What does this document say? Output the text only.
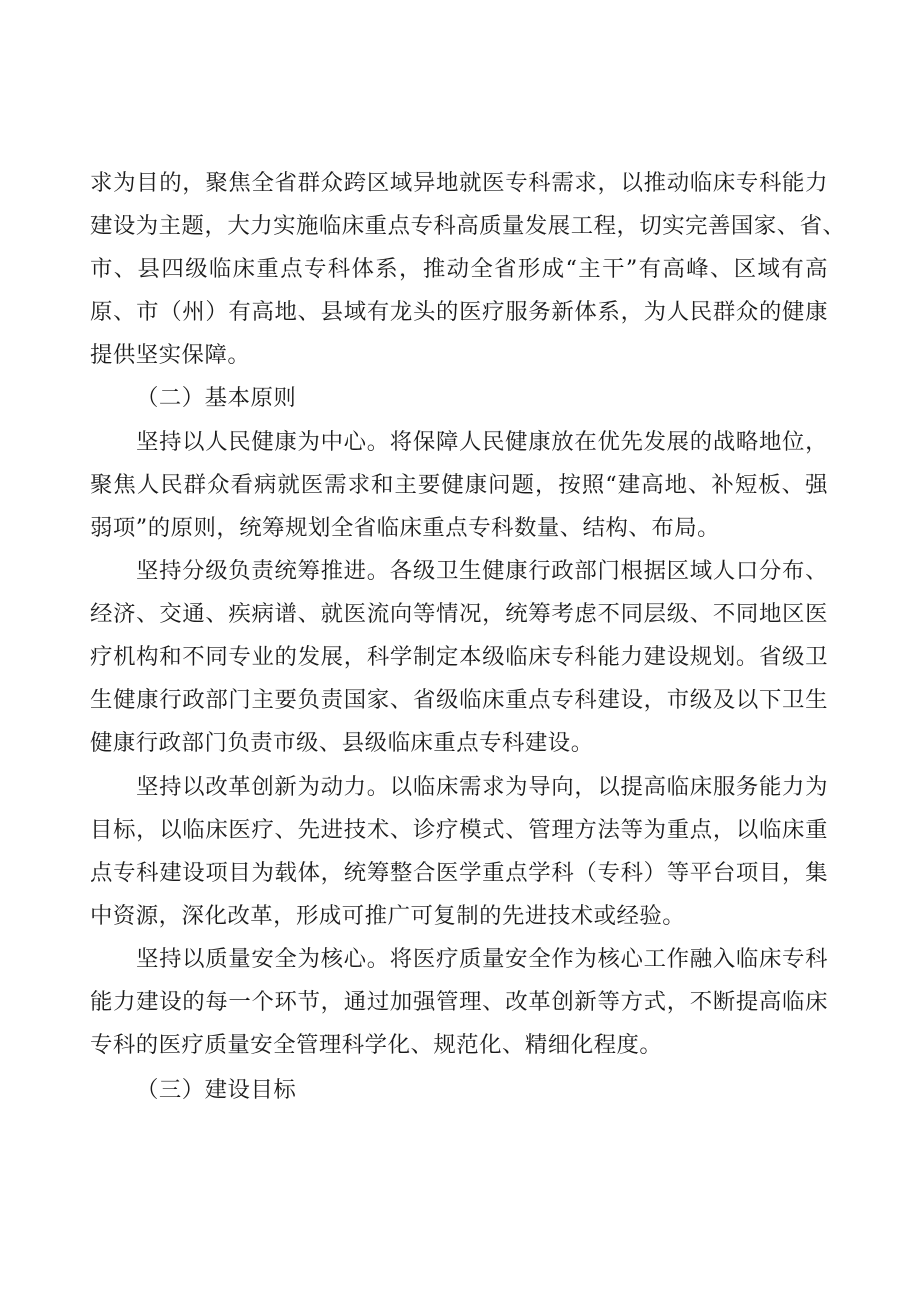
求为目的，聚焦全省群众跨区域异地就医专科需求，以推动临床专科能力
建设为主题，大力实施临床重点专科高质量发展工程，切实完善国家、省、
市、县四级临床重点专科体系，推动全省形成“主干”有高峰、区域有高
原、市（州）有高地、县域有龙头的医疗服务新体系，为人民群众的健康
提供坚实保障。
（二）基本原则
坚持以人民健康为中心。将保障人民健康放在优先发展的战略地位，
聚焦人民群众看病就医需求和主要健康问题，按照“建高地、补短板、强
弱项”的原则，统筹规划全省临床重点专科数量、结构、布局。
坚持分级负责统筹推进。各级卫生健康行政部门根据区域人口分布、
经济、交通、疾病谱、就医流向等情况，统筹考虑不同层级、不同地区医
疗机构和不同专业的发展，科学制定本级临床专科能力建设规划。省级卫
生健康行政部门主要负责国家、省级临床重点专科建设，市级及以下卫生
健康行政部门负责市级、县级临床重点专科建设。
坚持以改革创新为动力。以临床需求为导向，以提高临床服务能力为
目标，以临床医疗、先进技术、诊疗模式、管理方法等为重点，以临床重
点专科建设项目为载体，统筹整合医学重点学科（专科）等平台项目，集
中资源，深化改革，形成可推广可复制的先进技术或经验。
坚持以质量安全为核心。将医疗质量安全作为核心工作融入临床专科
能力建设的每一个环节，通过加强管理、改革创新等方式，不断提高临床
专科的医疗质量安全管理科学化、规范化、精细化程度。
（三）建设目标
